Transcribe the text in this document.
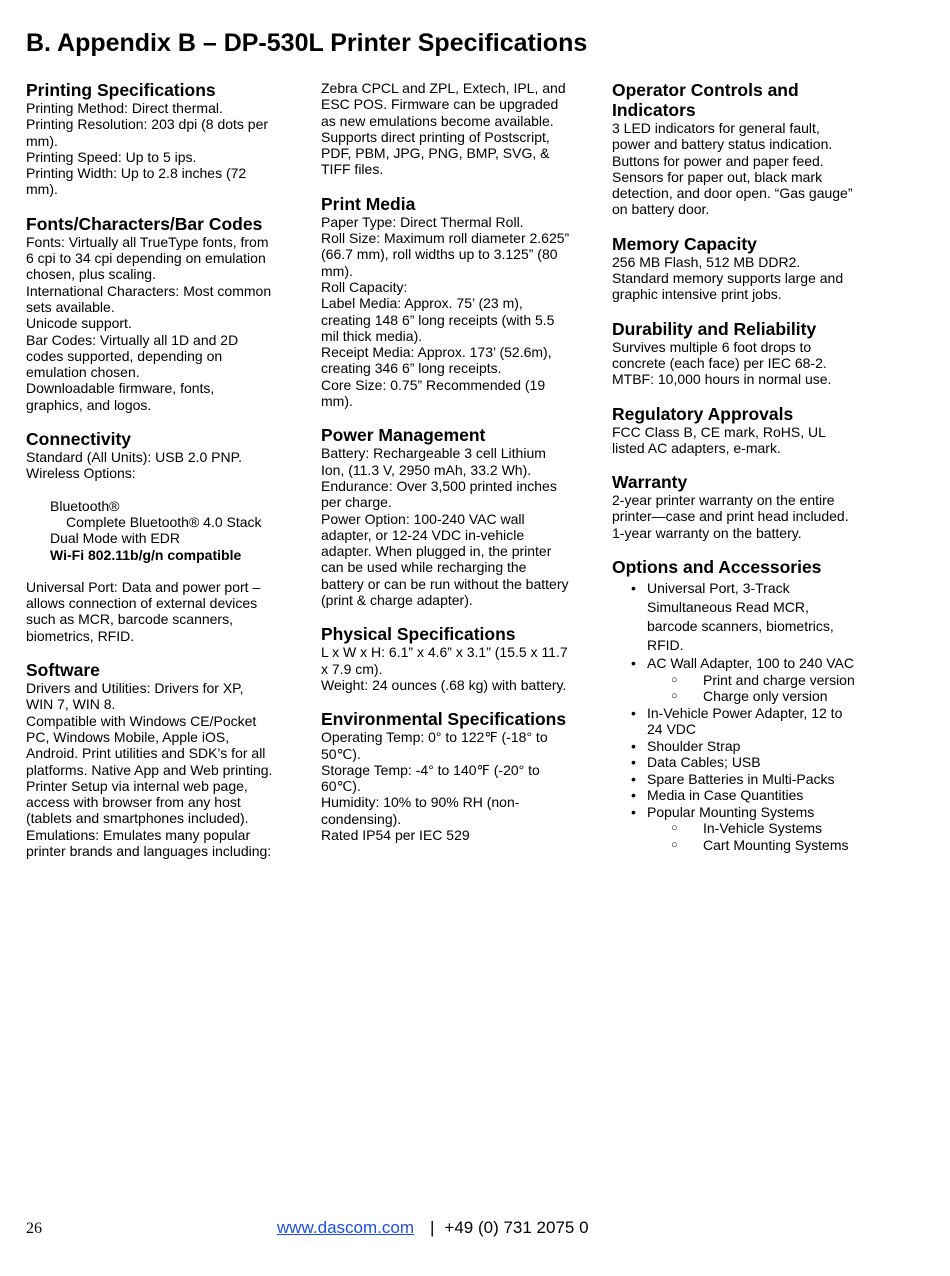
B. Appendix B – DP-530L Printer Specifications
Printing Specifications
Printing Method: Direct thermal.
Printing Resolution: 203 dpi (8 dots per
mm).
Printing Speed: Up to 5 ips.
Printing Width: Up to 2.8 inches (72
mm).
Fonts/Characters/Bar Codes
Fonts: Virtually all TrueType fonts, from
6 cpi to 34 cpi depending on emulation
chosen, plus scaling.
International Characters: Most common
sets available.
Unicode support.
Bar Codes: Virtually all 1D and 2D
codes supported, depending on
emulation chosen.
Downloadable firmware, fonts,
graphics, and logos.
Connectivity
Standard (All Units): USB 2.0 PNP.
Wireless Options:
Bluetooth®
Complete Bluetooth® 4.0 Stack
Dual Mode with EDR
Wi-Fi 802.11b/g/n compatible
Universal Port: Data and power port –
allows connection of external devices
such as MCR, barcode scanners,
biometrics, RFID.
Software
Drivers and Utilities: Drivers for XP,
WIN 7, WIN 8.
Compatible with Windows CE/Pocket
PC, Windows Mobile, Apple iOS,
Android. Print utilities and SDK’s for all
platforms. Native App and Web printing.
Printer Setup via internal web page,
access with browser from any host
(tablets and smartphones included).
Emulations: Emulates many popular
printer brands and languages including:
Zebra CPCL and ZPL, Extech, IPL, and
ESC POS. Firmware can be upgraded
as new emulations become available.
Supports direct printing of Postscript,
PDF, PBM, JPG, PNG, BMP, SVG, &
TIFF files.
Print Media
Paper Type: Direct Thermal Roll.
Roll Size: Maximum roll diameter 2.625”
(66.7 mm), roll widths up to 3.125” (80
mm).
Roll Capacity:
Label Media: Approx. 75’ (23 m),
creating 148 6” long receipts (with 5.5
mil thick media).
Receipt Media: Approx. 173’ (52.6m),
creating 346 6” long receipts.
Core Size: 0.75” Recommended (19
mm).
Power Management
Battery: Rechargeable 3 cell Lithium
Ion, (11.3 V, 2950 mAh, 33.2 Wh).
Endurance: Over 3,500 printed inches
per charge.
Power Option: 100-240 VAC wall
adapter, or 12-24 VDC in-vehicle
adapter. When plugged in, the printer
can be used while recharging the
battery or can be run without the battery
(print & charge adapter).
Physical Specifications
L x W x H: 6.1” x 4.6” x 3.1” (15.5 x 11.7
x 7.9 cm).
Weight: 24 ounces (.68 kg) with battery.
Environmental Specifications
Operating Temp: 0° to 122℉ (-18° to
50℃).
Storage Temp: -4° to 140℉ (-20° to
60℃).
Humidity: 10% to 90% RH (non-
condensing).
Rated IP54 per IEC 529
Operator Controls and
Indicators
3 LED indicators for general fault,
power and battery status indication.
Buttons for power and paper feed.
Sensors for paper out, black mark
detection, and door open. “Gas gauge”
on battery door.
Memory Capacity
256 MB Flash, 512 MB DDR2.
Standard memory supports large and
graphic intensive print jobs.
Durability and Reliability
Survives multiple 6 foot drops to
concrete (each face) per IEC 68-2.
MTBF: 10,000 hours in normal use.
Regulatory Approvals
FCC Class B, CE mark, RoHS, UL
listed AC adapters, e-mark.
Warranty
2-year printer warranty on the entire
printer—case and print head included.
1-year warranty on the battery.
Options and Accessories
• Universal Port, 3-Track
Simultaneous Read MCR,
barcode scanners, biometrics,
RFID.
• AC Wall Adapter, 100 to 240 VAC
○ Print and charge version
○ Charge only version
• In-Vehicle Power Adapter, 12 to
24 VDC
• Shoulder Strap
• Data Cables; USB
• Spare Batteries in Multi-Packs
• Media in Case Quantities
• Popular Mounting Systems
○ In-Vehicle Systems
○ Cart Mounting Systems
26	www.dascom.com | +49 (0) 731 2075 0
